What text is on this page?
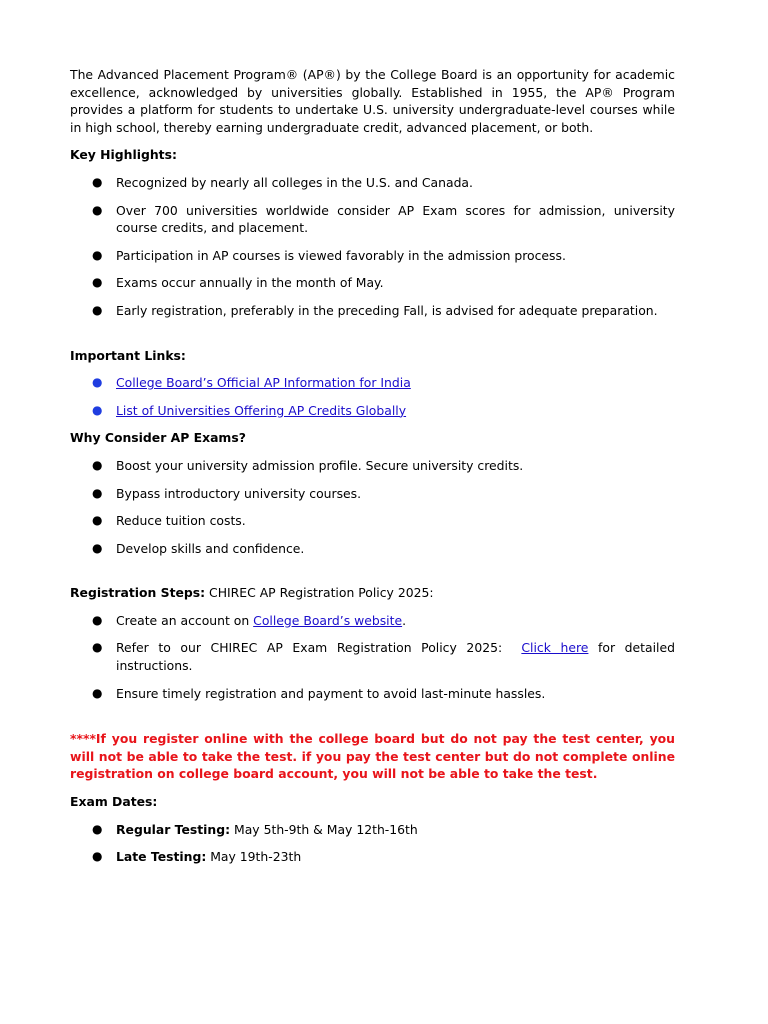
The Advanced Placement Program® (AP®) by the College Board is an opportunity for academic excellence, acknowledged by universities globally. Established in 1955, the AP® Program provides a platform for students to undertake U.S. university undergraduate-level courses while in high school, thereby earning undergraduate credit, advanced placement, or both.

Key Highlights:

● Recognized by nearly all colleges in the U.S. and Canada.
● Over 700 universities worldwide consider AP Exam scores for admission, university course credits, and placement.
● Participation in AP courses is viewed favorably in the admission process.
● Exams occur annually in the month of May.
● Early registration, preferably in the preceding Fall, is advised for adequate preparation.

Important Links:

● College Board’s Official AP Information for India
● List of Universities Offering AP Credits Globally

Why Consider AP Exams?

● Boost your university admission profile. Secure university credits.
● Bypass introductory university courses.
● Reduce tuition costs.
● Develop skills and confidence.

Registration Steps: CHIREC AP Registration Policy 2025:

● Create an account on College Board’s website.
● Refer to our CHIREC AP Exam Registration Policy 2025:  Click here for detailed instructions.
● Ensure timely registration and payment to avoid last-minute hassles.

****If you register online with the college board but do not pay the test center, you will not be able to take the test. if you pay the test center but do not complete online registration on college board account, you will not be able to take the test.

Exam Dates:

● Regular Testing: May 5th-9th & May 12th-16th
● Late Testing: May 19th-23th
